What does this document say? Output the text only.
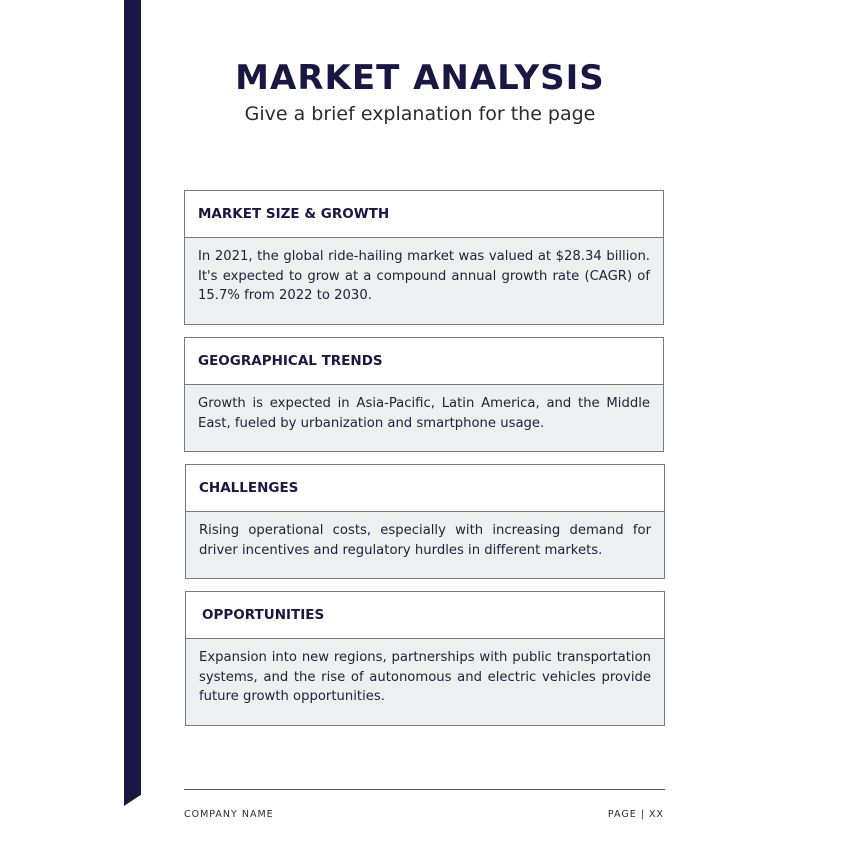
MARKET ANALYSIS
Give a brief explanation for the page
MARKET SIZE & GROWTH
In 2021, the global ride-hailing market was valued at $28.34 billion. It's expected to grow at a compound annual growth rate (CAGR) of 15.7% from 2022 to 2030.
GEOGRAPHICAL TRENDS
Growth is expected in Asia-Pacific, Latin America, and the Middle East, fueled by urbanization and smartphone usage.
CHALLENGES
Rising operational costs, especially with increasing demand for driver incentives and regulatory hurdles in different markets.
OPPORTUNITIES
Expansion into new regions, partnerships with public transportation systems, and the rise of autonomous and electric vehicles provide future growth opportunities.
COMPANY NAME	PAGE | XX
